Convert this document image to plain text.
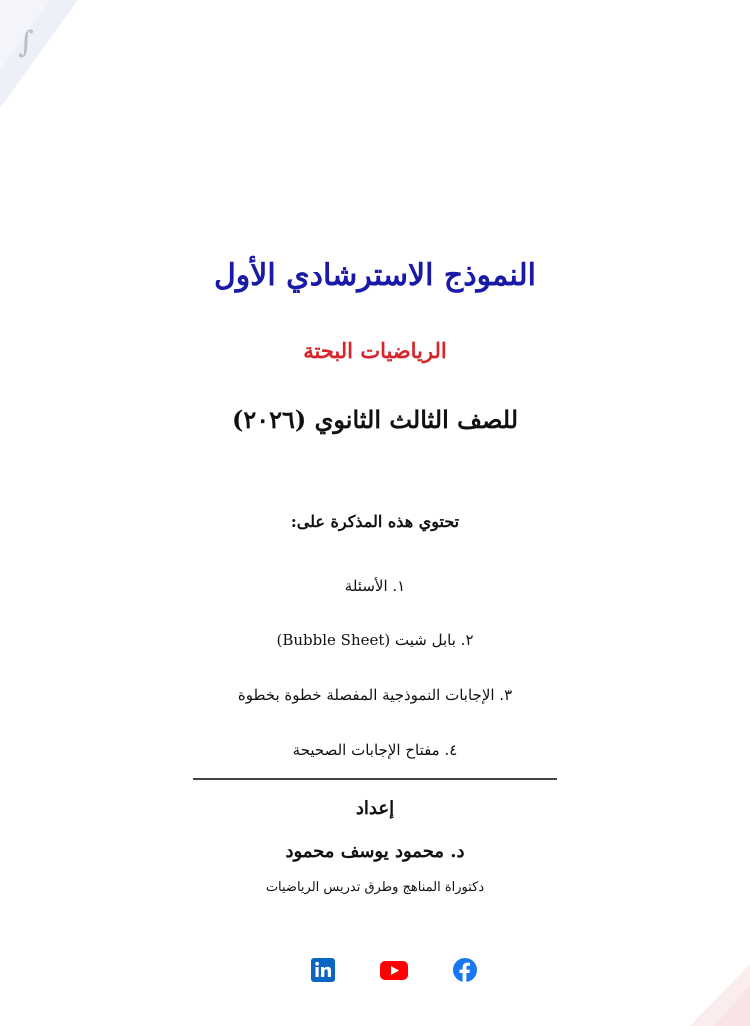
∫
النموذج الاسترشادي الأول
الرياضيات البحتة
للصف الثالث الثانوي (٢٠٢٦)
تحتوي هذه المذكرة على:
١. الأسئلة
٢. بابل شيت (Bubble Sheet)
٣. الإجابات النموذجية المفصلة خطوة بخطوة
٤. مفتاح الإجابات الصحيحة
إعداد
د. محمود يوسف محمود
دكتوراة المناهج وطرق تدريس الرياضيات
